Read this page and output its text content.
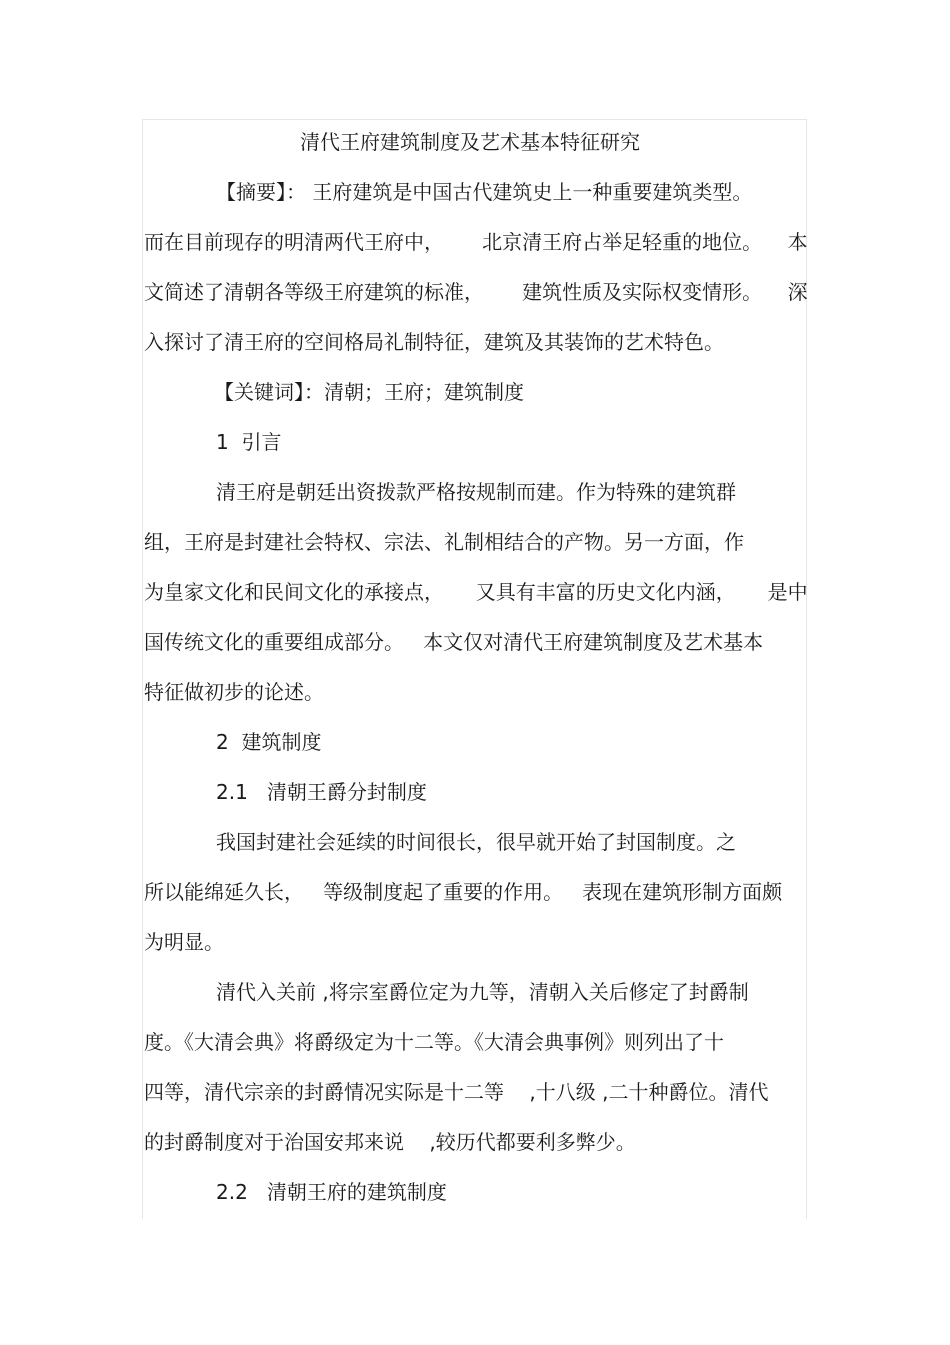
清代王府建筑制度及艺术基本特征研究
【摘要】： 王府建筑是中国古代建筑史上一种重要建筑类型。
而在目前现存的明清两代王府中，      北京清王府占举足轻重的地位。    本
文简述了清朝各等级王府建筑的标准，      建筑性质及实际权变情形。    深
入探讨了清王府的空间格局礼制特征，建筑及其装饰的艺术特色。
【关键词】：清朝；王府；建筑制度
1  引言
清王府是朝廷出资拨款严格按规制而建。作为特殊的建筑群
组，王府是封建社会特权、宗法、礼制相结合的产物。另一方面，作
为皇家文化和民间文化的承接点，     又具有丰富的历史文化内涵，     是中
国传统文化的重要组成部分。   本文仅对清代王府建筑制度及艺术基本
特征做初步的论述。
2  建筑制度
2.1   清朝王爵分封制度
我国封建社会延续的时间很长，很早就开始了封国制度。之
所以能绵延久长，   等级制度起了重要的作用。   表现在建筑形制方面颇
为明显。
清代入关前 ,将宗室爵位定为九等，清朝入关后修定了封爵制
度。《大清会典》将爵级定为十二等。《大清会典事例》则列出了十
四等，清代宗亲的封爵情况实际是十二等    ,十八级 ,二十种爵位。清代
的封爵制度对于治国安邦来说    ,较历代都要利多弊少。
2.2   清朝王府的建筑制度
